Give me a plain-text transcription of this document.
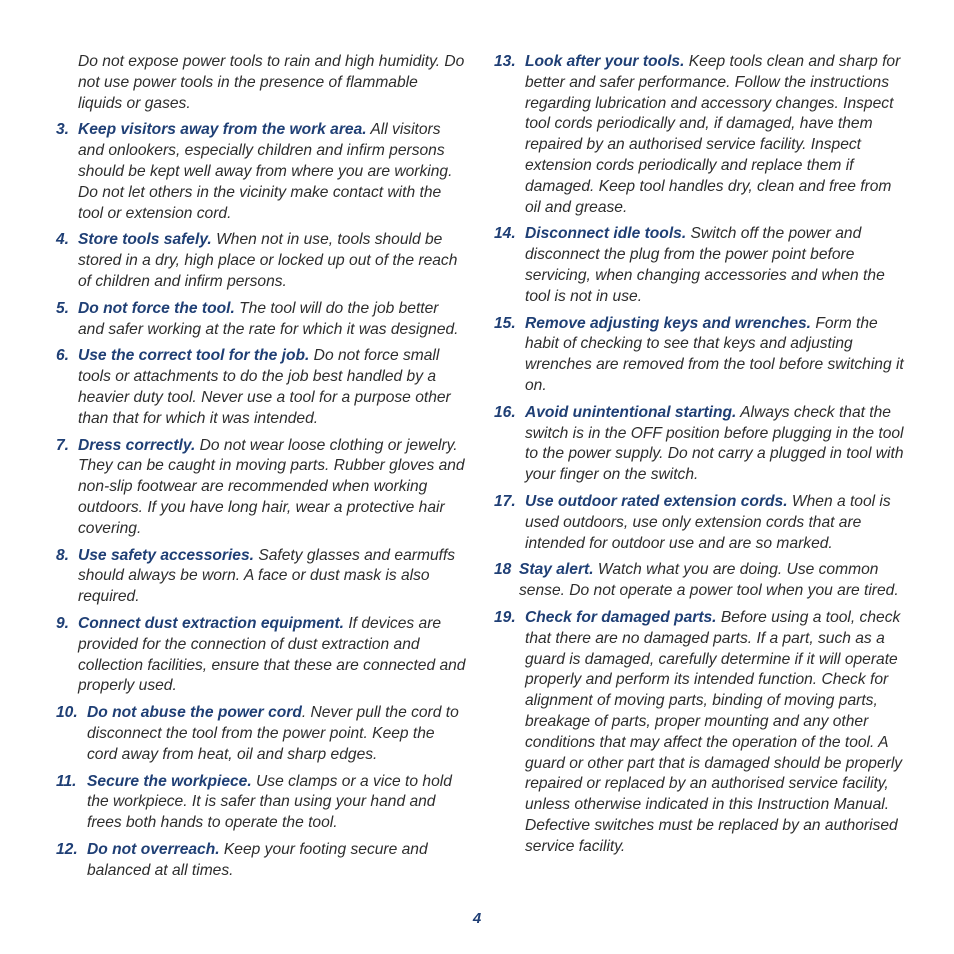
Do not expose power tools to rain and high humidity. Do not use power tools in the presence of flammable liquids or gases.
3. Keep visitors away from the work area. All visitors and onlookers, especially children and infirm persons should be kept well away from where you are working. Do not let others in the vicinity make contact with the tool or extension cord.
4. Store tools safely. When not in use, tools should be stored in a dry, high place or locked up out of the reach of children and infirm persons.
5. Do not force the tool. The tool will do the job better and safer working at the rate for which it was designed.
6. Use the correct tool for the job. Do not force small tools or attachments to do the job best handled by a heavier duty tool. Never use a tool for a purpose other than that for which it was intended.
7. Dress correctly. Do not wear loose clothing or jewelry. They can be caught in moving parts. Rubber gloves and non-slip footwear are recommended when working outdoors. If you have long hair, wear a protective hair covering.
8. Use safety accessories. Safety glasses and earmuffs should always be worn. A face or dust mask is also required.
9. Connect dust extraction equipment. If devices are provided for the connection of dust extraction and collection facilities, ensure that these are connected and properly used.
10. Do not abuse the power cord. Never pull the cord to disconnect the tool from the power point. Keep the cord away from heat, oil and sharp edges.
11. Secure the workpiece. Use clamps or a vice to hold the workpiece. It is safer than using your hand and frees both hands to operate the tool.
12. Do not overreach. Keep your footing secure and balanced at all times.
13. Look after your tools. Keep tools clean and sharp for better and safer performance. Follow the instructions regarding lubrication and accessory changes. Inspect tool cords periodically and, if damaged, have them repaired by an authorised service facility. Inspect extension cords periodically and replace them if damaged. Keep tool handles dry, clean and free from oil and grease.
14. Disconnect idle tools. Switch off the power and disconnect the plug from the power point before servicing, when changing accessories and when the tool is not in use.
15. Remove adjusting keys and wrenches. Form the habit of checking to see that keys and adjusting wrenches are removed from the tool before switching it on.
16. Avoid unintentional starting. Always check that the switch is in the OFF position before plugging in the tool to the power supply. Do not carry a plugged in tool with your finger on the switch.
17. Use outdoor rated extension cords. When a tool is used outdoors, use only extension cords that are intended for outdoor use and are so marked.
18 Stay alert. Watch what you are doing. Use common sense. Do not operate a power tool when you are tired.
19. Check for damaged parts. Before using a tool, check that there are no damaged parts. If a part, such as a guard is damaged, carefully determine if it will operate properly and perform its intended function. Check for alignment of moving parts, binding of moving parts, breakage of parts, proper mounting and any other conditions that may affect the operation of the tool. A guard or other part that is damaged should be properly repaired or replaced by an authorised service facility, unless otherwise indicated in this Instruction Manual. Defective switches must be replaced by an authorised service facility.
4
